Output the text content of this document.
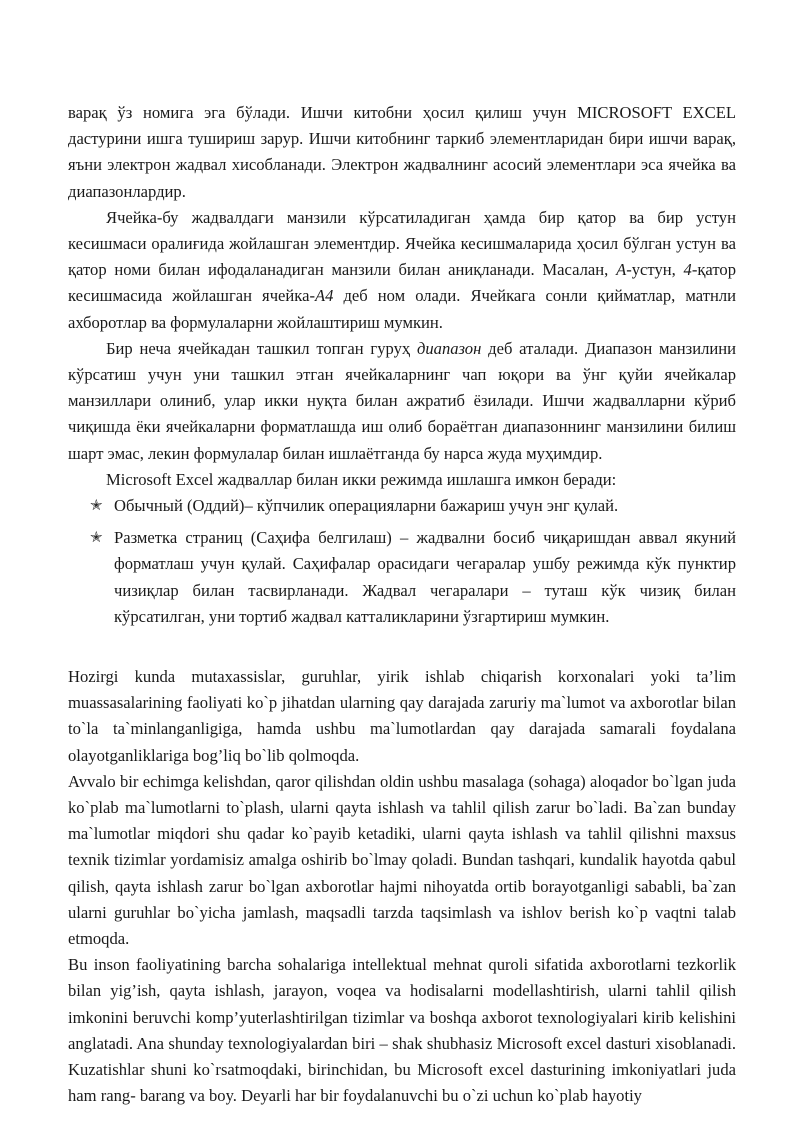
варақ ўз номига эга бўлади. Ишчи китобни ҳосил қилиш учун MICROSOFT EXCEL дастурини ишга тушириш зарур. Ишчи китобнинг таркиб элементларидан бири ишчи варақ, яъни электрон жадвал хисобланади. Электрон жадвалнинг асосий элементлари эса ячейка ва диапазонлардир.

Ячейка-бу жадвалдаги манзили кўрсатиладиган ҳамда бир қатор ва бир устун кесишмаси оралиғида жойлашган элементдир. Ячейка кесишмаларида ҳосил бўлган устун ва қатор номи билан ифодаланадиган манзили билан аниқланади. Масалан, А-устун, 4-қатор кесишмасида жойлашган ячейка-А4 деб ном олади. Ячейкага сонли қийматлар, матнли ахборотлар ва формулаларни жойлаштириш мумкин.

Бир неча ячейкадан ташкил топган гуруҳ диапазон деб аталади. Диапазон манзилини кўрсатиш учун уни ташкил этган ячейкаларнинг чап юқори ва ўнг қуйи ячейкалар манзиллари олиниб, улар икки нуқта билан ажратиб ёзилади. Ишчи жадвалларни кўриб чиқишда ёки ячейкаларни форматлашда иш олиб бораётган диапазоннинг манзилини билиш шарт эмас, лекин формулалар билан ишлаётганда бу нарса жуда муҳимдир.

Microsoft Excel жадваллар билан икки режимда ишлашга имкон беради:

✭ Обычный (Оддий)– кўпчилик операцияларни бажариш учун энг қулай.
✭ Разметка страниц (Саҳифа белгилаш) – жадвални босиб чиқаришдан аввал якуний форматлаш учун қулай. Саҳифалар орасидаги чегаралар ушбу режимда кўк пунктир чизиқлар билан тасвирланади. Жадвал чегаралари – туташ кўк чизиқ билан кўрсатилган, уни тортиб жадвал катталикларини ўзгартириш мумкин.

Hozirgi kunda mutaxassislar, guruhlar, yirik ishlab chiqarish korxonalari yoki ta’lim muassasalarining faoliyati ko`p jihatdan ularning qay darajada zaruriy ma`lumot va axborotlar bilan to`la ta`minlanganligiga, hamda ushbu ma`lumotlardan qay darajada samarali foydalana olayotganliklariga bog’liq bo`lib qolmoqda.

Avvalo bir echimga kelishdan, qaror qilishdan oldin ushbu masalaga (sohaga) aloqador bo`lgan juda ko`plab ma`lumotlarni to`plash, ularni qayta ishlash va tahlil qilish zarur bo`ladi. Ba`zan bunday ma`lumotlar miqdori shu qadar ko`payib ketadiki, ularni qayta ishlash va tahlil qilishni maxsus texnik tizimlar yordamisiz amalga oshirib bo`lmay qoladi. Bundan tashqari, kundalik hayotda qabul qilish, qayta ishlash zarur bo`lgan axborotlar hajmi nihoyatda ortib borayotganligi sababli, ba`zan ularni guruhlar bo`yicha jamlash, maqsadli tarzda taqsimlash va ishlov berish ko`p vaqtni talab etmoqda.

Bu inson faoliyatining barcha sohalariga intellektual mehnat quroli sifatida axborotlarni tezkorlik bilan yig’ish, qayta ishlash, jarayon, voqea va hodisalarni modellashtirish, ularni tahlil qilish imkonini beruvchi komp’yuterlashtirilgan tizimlar va boshqa axborot texnologiyalari kirib kelishini anglatadi. Ana shunday texnologiyalardan biri – shak shubhasiz Microsoft excel dasturi xisoblanadi. Kuzatishlar shuni ko`rsatmoqdaki, birinchidan, bu Microsoft excel dasturining imkoniyatlari juda ham rang- barang va boy. Deyarli har bir foydalanuvchi bu o`zi uchun ko`plab hayotiy
